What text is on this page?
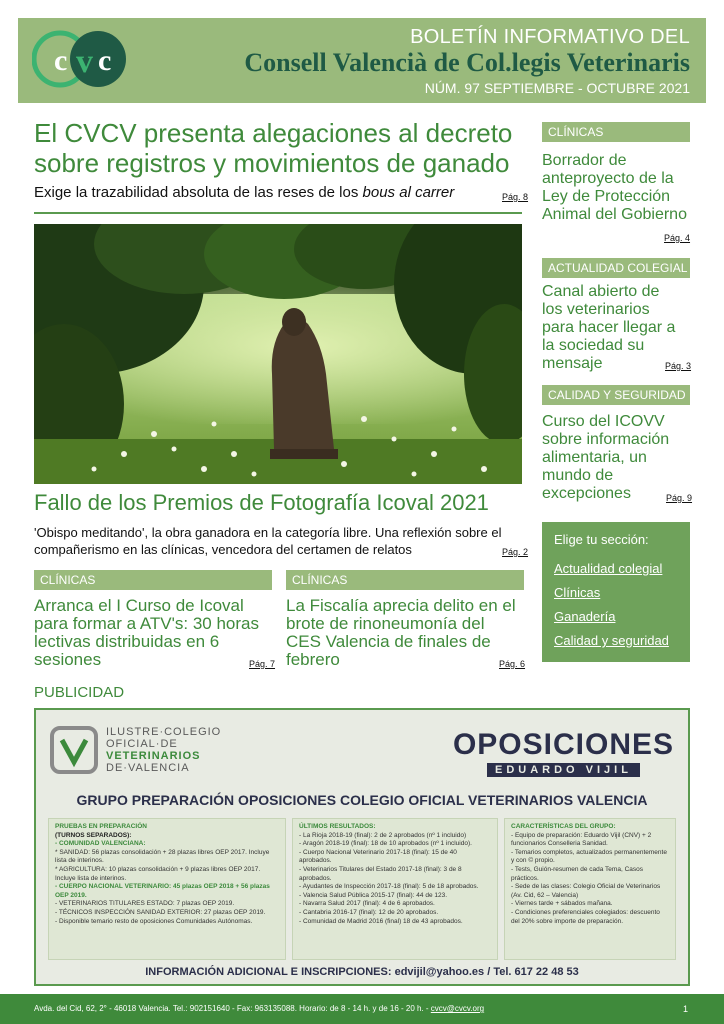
c v c
BOLETÍN INFORMATIVO DEL
Consell Valencià de Col.legis Veterinaris
NÚM. 97 SEPTIEMBRE - OCTUBRE 2021
El CVCV presenta alegaciones al decreto sobre registros y movimientos de ganado
Exige la trazabilidad absoluta de las reses de los bous al carrer	Pág. 8
Fallo de los Premios de Fotografía Icoval 2021
'Obispo meditando', la obra ganadora en la categoría libre. Una reflexión sobre el compañerismo en las clínicas, vencedora del certamen de relatos	Pág. 2
CLÍNICAS
Arranca el I Curso de Icoval para formar a ATV's: 30 horas lectivas distribuidas en 6 sesiones	Pág. 7
CLÍNICAS
La Fiscalía aprecia delito en el brote de rinoneumonía del CES Valencia de finales de febrero	Pág. 6
CLÍNICAS
Borrador de anteproyecto de la Ley de Protección Animal del Gobierno
Pág. 4
ACTUALIDAD COLEGIAL
Canal abierto de los veterinarios para hacer llegar a la sociedad su mensaje	Pág. 3
CALIDAD Y SEGURIDAD
Curso del ICOVV sobre información alimentaria, un mundo de excepciones	Pág. 9
Elige tu sección:
Actualidad colegial
Clínicas
Ganadería
Calidad y seguridad
PUBLICIDAD
ILUSTRE·COLEGIO
OFICIAL·DE
VETERINARIOS
DE·VALENCIA
OPOSICIONES
EDUARDO VIJIL
GRUPO PREPARACIÓN OPOSICIONES COLEGIO OFICIAL VETERINARIOS VALENCIA
PRUEBAS EN PREPARACIÓN
(TURNOS SEPARADOS):
- COMUNIDAD VALENCIANA:
* SANIDAD: 56 plazas consolidación + 28 plazas libres OEP 2017. Incluye lista de interinos.
* AGRICULTURA: 10 plazas consolidación + 9 plazas libres OEP 2017. Incluye lista de interinos.
- CUERPO NACIONAL VETERINARIO: 45 plazas OEP 2018 + 56 plazas OEP 2019.
- VETERINARIOS TITULARES ESTADO: 7 plazas OEP 2019.
- TÉCNICOS INSPECCIÓN SANIDAD EXTERIOR: 27 plazas OEP 2019.
- Disponible temario resto de oposiciones Comunidades Autónomas.
ÚLTIMOS RESULTADOS:
- La Rioja 2018-19 (final): 2 de 2 aprobados (nº 1 incluido)
- Aragón 2018-19 (final): 18 de 10 aprobados (nº 1 incluido).
- Cuerpo Nacional Veterinario 2017-18 (final): 15 de 40 aprobados.
- Veterinarios Titulares del Estado 2017-18 (final): 3 de 8 aprobados.
- Ayudantes de Inspección 2017-18 (final): 5 de 18 aprobados.
- Valencia Salud Pública 2015-17 (final): 44 de 123.
- Navarra Salud 2017 (final): 4 de 6 aprobados.
- Cantabria 2016-17 (final): 12 de 20 aprobados.
- Comunidad de Madrid 2016 (final) 18 de 43 aprobados.
CARACTERÍSTICAS DEL GRUPO:
- Equipo de preparación: Eduardo Vijil (CNV) + 2 funcionarios Conselleria Sanidad.
- Temarios completos, actualizados permanentemente y con © propio.
- Tests, Guión-resumen de cada Tema, Casos prácticos.
- Sede de las clases: Colegio Oficial de Veterinarios (Av. Cid, 62 – Valencia)
- Viernes tarde + sábados mañana.
- Condiciones preferenciales colegiados: descuento del 20% sobre importe de preparación.
INFORMACIÓN ADICIONAL E INSCRIPCIONES: edvijil@yahoo.es / Tel. 617 22 48 53
Avda. del Cid, 62, 2° - 46018 Valencia. Tel.: 902151640 - Fax: 963135088. Horario: de 8 - 14 h. y de 16 - 20 h. - cvcv@cvcv.org	1
